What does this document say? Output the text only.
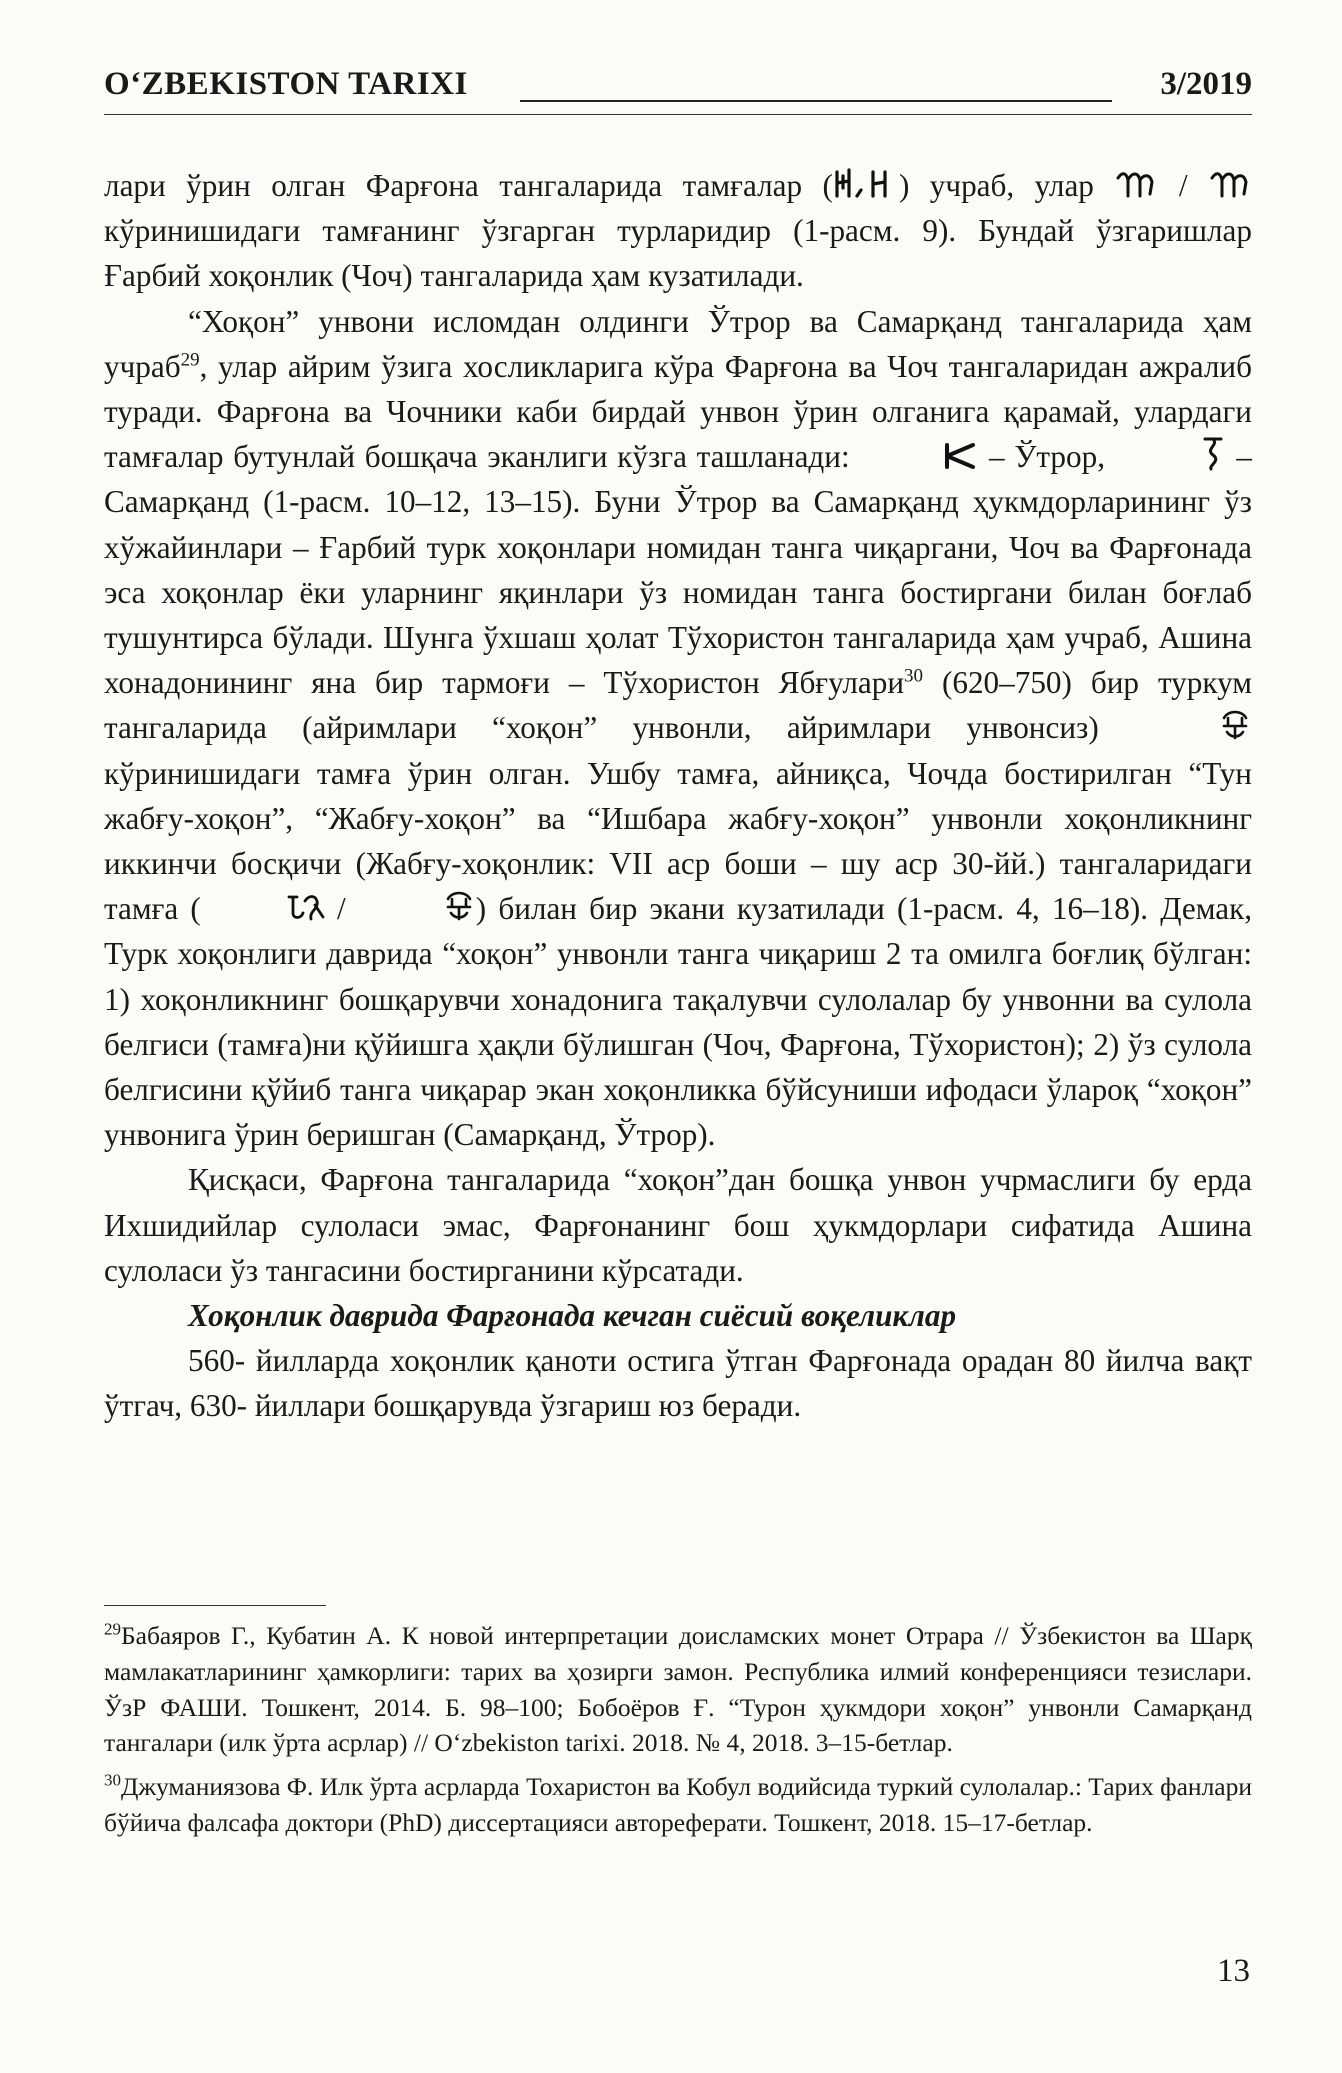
O‘ZBEKISTON TARIXI	3/2019

лари ўрин олган Фарғона тангаларида тамғалар ( ) учраб, улар  /  кўринишидаги тамғанинг ўзгарган турларидир (1-расм. 9). Бундай ўзгаришлар Ғарбий хоқонлик (Чоч) тангаларида ҳам кузатилади.

“Хоқон” унвони исломдан олдинги Ўтрор ва Самарқанд тангаларида ҳам учраб$^{29}$, улар айрим ўзига хосликларига кўра Фарғона ва Чоч тангаларидан ажралиб туради. Фарғона ва Чочники каби бирдай унвон ўрин олганига қарамай, улардаги тамғалар бутунлай бошқача эканлиги кўзга ташланади:	– Ўтрор,	– Самарқанд (1-расм. 10–12, 13–15). Буни Ўтрор ва Самарқанд ҳукмдорларининг ўз хўжайинлари – Ғарбий турк хоқонлари номидан танга чиқаргани, Чоч ва Фарғонада эса хоқонлар ёки уларнинг яқинлари ўз номидан танга бостиргани билан боғлаб тушунтирса бўлади. Шунга ўхшаш ҳолат Тўхористон тангаларида ҳам учраб, Ашина хонадонининг яна бир тармоғи – Тўхористон Ябғулари$^{30}$ (620–750) бир туркум тангаларида (айримлари “хоқон” унвонли, айримлари унвонсиз)  кўринишидаги тамға ўрин олган. Ушбу тамға, айниқса, Чочда бостирилган “Тун жабғу-хоқон”, “Жабғу-хоқон” ва “Ишбара жабғу-хоқон” унвонли хоқонликнинг иккинчи босқичи (Жабғу-хоқонлик: VII аср боши – шу аср 30-йй.) тангаларидаги тамға (	/	) билан бир экани кузатилади (1-расм. 4, 16–18). Демак, Турк хоқонлиги даврида “хоқон” унвонли танга чиқариш 2 та омилга боғлиқ бўлган: 1) хоқонликнинг бошқарувчи хонадонига тақалувчи сулолалар бу унвонни ва сулола белгиси (тамға)ни қўйишга ҳақли бўлишган (Чоч, Фарғона, Тўхористон); 2) ўз сулола белгисини қўйиб танга чиқарар экан хоқонликка бўйсуниши ифодаси ўлароқ “хоқон” унвонига ўрин беришган (Самарқанд, Ўтрор).

Қисқаси, Фарғона тангаларида “хоқон”дан бошқа унвон учрмаслиги бу ерда Ихшидийлар сулоласи эмас, Фарғонанинг бош ҳукмдорлари сифатида Ашина сулоласи ўз тангасини бостирганини кўрсатади.

Хоқонлик даврида Фарғонада кечган сиёсий воқеликлар

560- йилларда хоқонлик қаноти остига ўтган Фарғонада орадан 80 йилча вақт ўтгач, 630- йиллари бошқарувда ўзгариш юз беради.

$^{29}$Бабаяров Г., Кубатин А. К новой интерпретации доисламских монет Отрара // Ўзбекистон ва Шарқ мамлакатларининг ҳамкорлиги: тарих ва ҳозирги замон. Республика илмий конференцияси тезислари. ЎзР ФАШИ. Тошкент, 2014. Б. 98–100; Бобоёров Ғ. “Турон ҳукмдори хоқон” унвонли Самарқанд тангалари (илк ўрта асрлар) // O‘zbekiston tarixi. 2018. № 4, 2018. 3–15-бетлар.

$^{30}$Джуманиязова Ф. Илк ўрта асрларда Тохаристон ва Кобул водийсида туркий сулолалар.: Тарих фанлари бўйича фалсафа доктори (PhD) диссертацияси автореферати. Тошкент, 2018. 15–17-бетлар.

13
